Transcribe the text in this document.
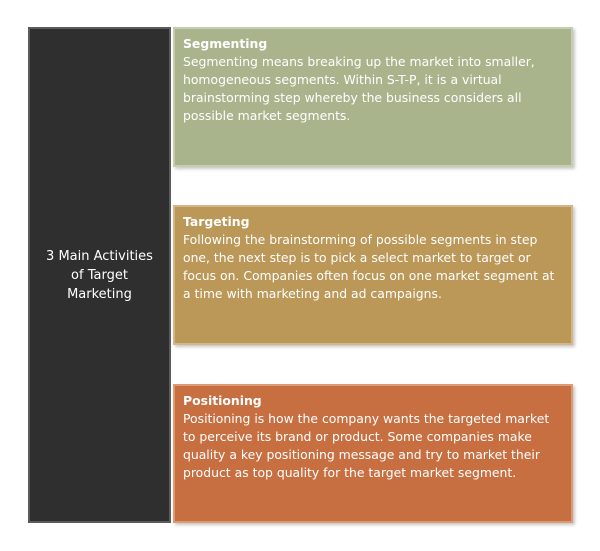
3 Main Activities
of Target
Marketing
Segmenting
Segmenting means breaking up the market into smaller, homogeneous segments. Within S-T-P, it is a virtual brainstorming step whereby the business considers all possible market segments.
Targeting
Following the brainstorming of possible segments in step one, the next step is to pick a select market to target or focus on. Companies often focus on one market segment at a time with marketing and ad campaigns.
Positioning
Positioning is how the company wants the targeted market to perceive its brand or product. Some companies make quality a key positioning message and try to market their product as top quality for the target market segment.
